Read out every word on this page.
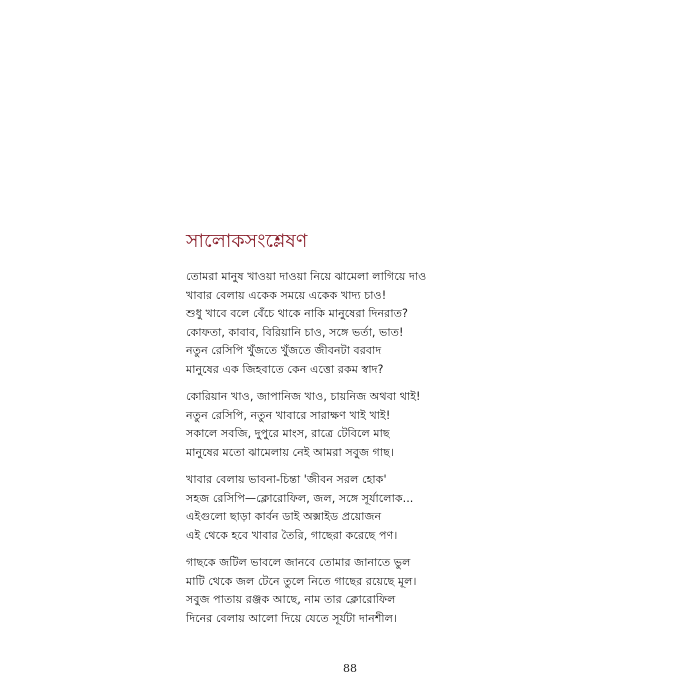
সালোকসংশ্লেষণ
তোমরা মানুষ খাওয়া দাওয়া নিয়ে ঝামেলা লাগিয়ে দাও
খাবার বেলায় একেক সময়ে একেক খাদ্য চাও!
শুধু খাবে বলে বেঁচে থাকে নাকি মানুষেরা দিনরাত?
কোফতা, কাবাব, বিরিয়ানি চাও, সঙ্গে ভর্তা, ভাত!
নতুন রেসিপি খুঁজতে খুঁজতে জীবনটা বরবাদ
মানুষের এক জিহবাতে কেন এত্তো রকম স্বাদ?
কোরিয়ান খাও, জাপানিজ খাও, চায়নিজ অথবা থাই!
নতুন রেসিপি, নতুন খাবারে সারাক্ষণ খাই খাই!
সকালে সবজি, দুপুরে মাংস, রাত্রে টেবিলে মাছ
মানুষের মতো ঝামেলায় নেই আমরা সবুজ গাছ।
খাবার বেলায় ভাবনা-চিন্তা 'জীবন সরল হোক'
সহজ রেসিপি—ক্লোরোফিল, জল, সঙ্গে সূর্যালোক...
এইগুলো ছাড়া কার্বন ডাই অক্সাইড প্রয়োজন
এই থেকে হবে খাবার তৈরি, গাছেরা করেছে পণ।
গাছকে জটিল ভাবলে জানবে তোমার জানাতে ভুল
মাটি থেকে জল টেনে তুলে নিতে গাছের রয়েছে মূল।
সবুজ পাতায় রঞ্জক আছে, নাম তার ক্লোরোফিল
দিনের বেলায় আলো দিয়ে যেতে সূর্যটা দানশীল।

88
